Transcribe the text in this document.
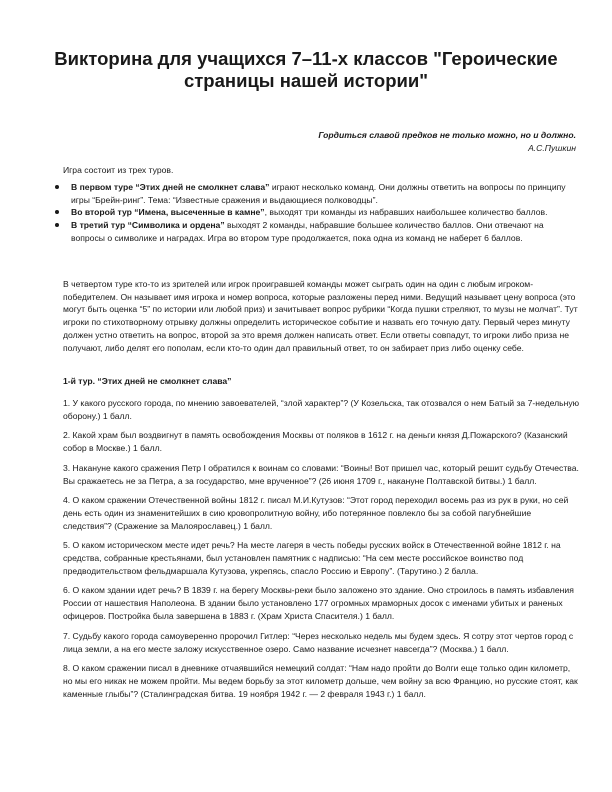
Викторина для учащихся 7–11-х классов "Героические страницы нашей истории"
Гордиться славой предков не только можно, но и должно.
А.С.Пушкин
Игра состоит из трех туров.
В первом туре “Этих дней не смолкнет слава” играют несколько команд. Они должны ответить на вопросы по принципу игры “Брейн-ринг”. Тема: “Известные сражения и выдающиеся полководцы”.
Во второй тур “Имена, высеченные в камне”, выходят три команды из набравших наибольшее количество баллов.
В третий тур “Символика и ордена” выходят 2 команды, набравшие большее количество баллов. Они отвечают на вопросы о символике и наградах. Игра во втором туре продолжается, пока одна из команд не наберет 6 баллов.
В четвертом туре кто-то из зрителей или игрок проигравшей команды может сыграть один на один с любым игроком-победителем. Он называет имя игрока и номер вопроса, которые разложены перед ними. Ведущий называет цену вопроса (это могут быть оценка “5” по истории или любой приз) и зачитывает вопрос рубрики “Когда пушки стреляют, то музы не молчат”. Тут игроки по стихотворному отрывку должны определить историческое событие и назвать его точную дату. Первый через минуту должен устно ответить на вопрос, второй за это время должен написать ответ. Если ответы совпадут, то игроки либо приза не получают, либо делят его пополам, если кто-то один дал правильный ответ, то он забирает приз либо оценку себе.
1-й тур. “Этих дней не смолкнет слава”
1. У какого русского города, по мнению завоевателей, “злой характер”? (У Козельска, так отозвался о нем Батый за 7-недельную оборону.) 1 балл.
2. Какой храм был воздвигнут в память освобождения Москвы от поляков в 1612 г. на деньги князя Д.Пожарского? (Казанский собор в Москве.) 1 балл.
3. Накануне какого сражения Петр I обратился к воинам со словами: “Воины! Вот пришел час, который решит судьбу Отечества. Вы сражаетесь не за Петра, а за государство, мне врученное”? (26 июня 1709 г., накануне Полтавской битвы.) 1 балл.
4. О каком сражении Отечественной войны 1812 г. писал М.И.Кутузов: “Этот город переходил восемь раз из рук в руки, но сей день есть один из знаменитейших в сию кровопролитную войну, ибо потерянное повлекло бы за собой пагубнейшие следствия”? (Сражение за Малоярославец.) 1 балл.
5. О каком историческом месте идет речь? На месте лагеря в честь победы русских войск в Отечественной войне 1812 г. на средства, собранные крестьянами, был установлен памятник с надписью: “На сем месте российское воинство под предводительством фельдмаршала Кутузова, укрепясь, спасло Россию и Европу”. (Тарутино.) 2 балла.
6. О каком здании идет речь? В 1839 г. на берегу Москвы-реки было заложено это здание. Оно строилось в память избавления России от нашествия Наполеона. В здании было установлено 177 огромных мраморных досок с именами убитых и раненых офицеров. Постройка была завершена в 1883 г. (Храм Христа Спасителя.) 1 балл.
7. Судьбу какого города самоуверенно пророчил Гитлер: “Через несколько недель мы будем здесь. Я сотру этот чертов город с лица земли, а на его месте заложу искусственное озеро. Само название исчезнет навсегда”? (Москва.) 1 балл.
8. О каком сражении писал в дневнике отчаявшийся немецкий солдат: “Нам надо пройти до Волги еще только один километр, но мы его никак не можем пройти. Мы ведем борьбу за этот километр дольше, чем войну за всю Францию, но русские стоят, как каменные глыбы”? (Сталинградская битва. 19 ноября 1942 г. — 2 февраля 1943 г.) 1 балл.
